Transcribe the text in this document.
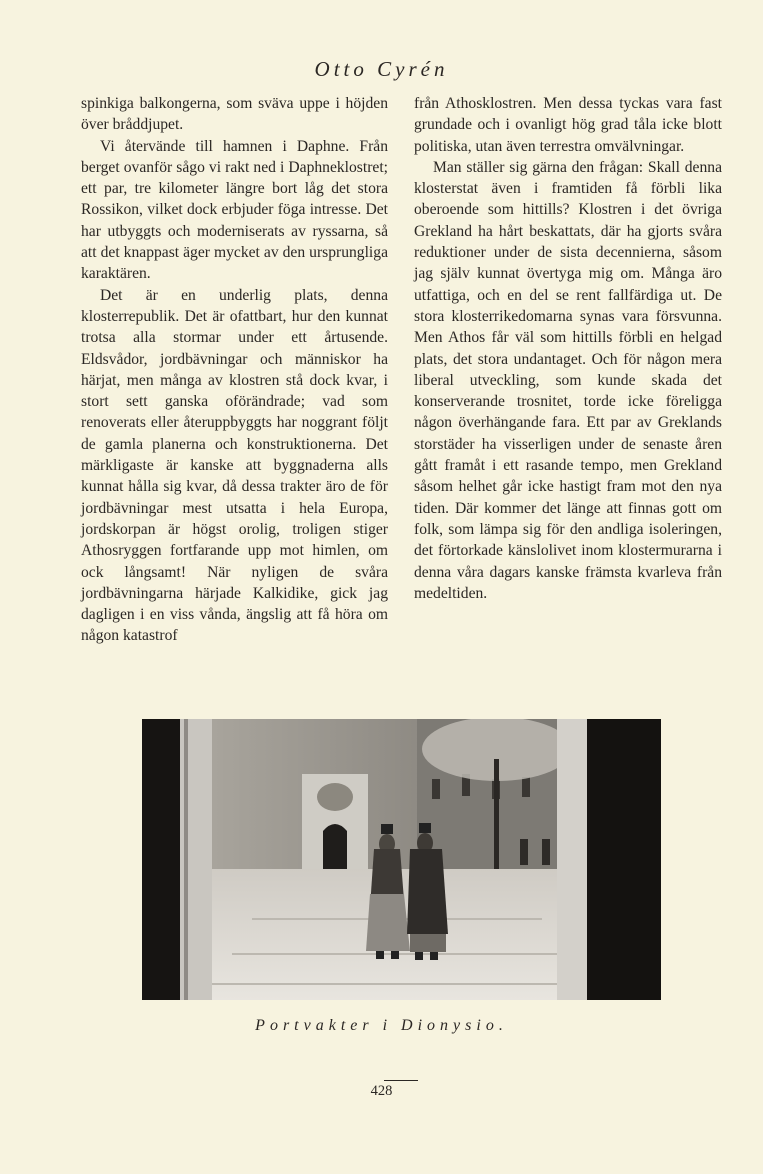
Otto Cyrén

spinkiga balkongerna, som sväva uppe i höjden över bråddjupet.

Vi återvände till hamnen i Daphne. Från berget ovanför sågo vi rakt ned i Daphneklostret; ett par, tre kilometer längre bort låg det stora Rossikon, vilket dock erbjuder föga intresse. Det har utbyggts och moderniserats av ryssarna, så att det knappast äger mycket av den ursprungliga karaktären.

Det är en underlig plats, denna klosterrepublik. Det är ofattbart, hur den kunnat trotsa alla stormar under ett årtusende. Eldsvådor, jordbävningar och människor ha härjat, men många av klostren stå dock kvar, i stort sett ganska oförändrade; vad som renoverats eller återuppbyggts har noggrant följt de gamla planerna och konstruktionerna. Det märkligaste är kanske att byggnaderna alls kunnat hålla sig kvar, då dessa trakter äro de för jordbävningar mest utsatta i hela Europa, jordskorpan är högst orolig, troligen stiger Athosryggen fortfarande upp mot himlen, om ock långsamt! När nyligen de svåra jordbävningarna härjade Kalkidike, gick jag dagligen i en viss vånda, ängslig att få höra om någon katastrof

från Athosklostren. Men dessa tyckas vara fast grundade och i ovanligt hög grad tåla icke blott politiska, utan även terrestra omvälvningar.

Man ställer sig gärna den frågan: Skall denna klosterstat även i framtiden få förbli lika oberoende som hittills? Klostren i det övriga Grekland ha hårt beskattats, där ha gjorts svåra reduktioner under de sista decennierna, såsom jag själv kunnat övertyga mig om. Många äro utfattiga, och en del se rent fallfärdiga ut. De stora klosterrikedomarna synas vara försvunna. Men Athos får väl som hittills förbli en helgad plats, det stora undantaget. Och för någon mera liberal utveckling, som kunde skada det konserverande trosnitet, torde icke föreligga någon överhängande fara. Ett par av Greklands storstäder ha visserligen under de senaste åren gått framåt i ett rasande tempo, men Grekland såsom helhet går icke hastigt fram mot den nya tiden. Där kommer det länge att finnas gott om folk, som lämpa sig för den andliga isoleringen, det förtorkade känslolivet inom klostermurarna i denna våra dagars kanske främsta kvarleva från medeltiden.

Portvakter i Dionysio.
428
